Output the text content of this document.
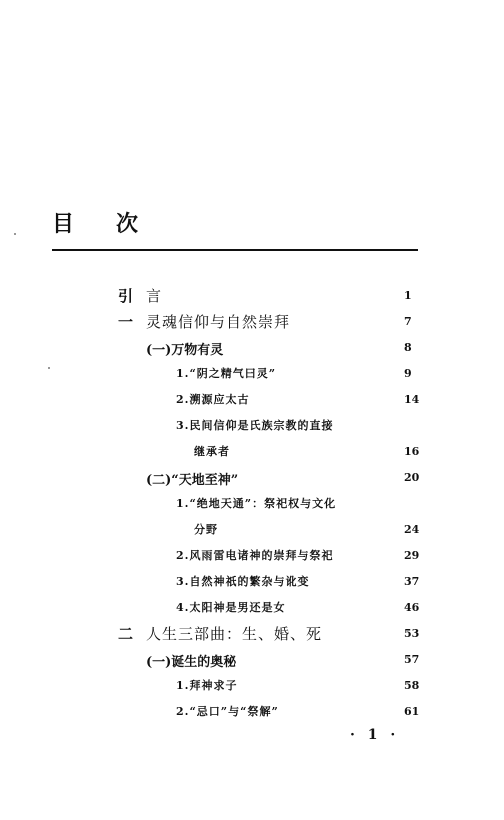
目 次
引 言	1
一 灵魂信仰与自然崇拜	7
(一)万物有灵	8
1.“阴之精气曰灵”	9
2.溯源应太古	14
3.民间信仰是氏族宗教的直接
继承者	16
(二)“天地至神”	20
1.“绝地天通”：祭祀权与文化
分野	24
2.风雨雷电诸神的崇拜与祭祀	29
3.自然神祇的繁杂与讹变	37
4.太阳神是男还是女	46
二 人生三部曲：生、婚、死	53
(一)诞生的奥秘	57
1.拜神求子	58
2.“忌口”与“祭解”	61
· 1 ·
